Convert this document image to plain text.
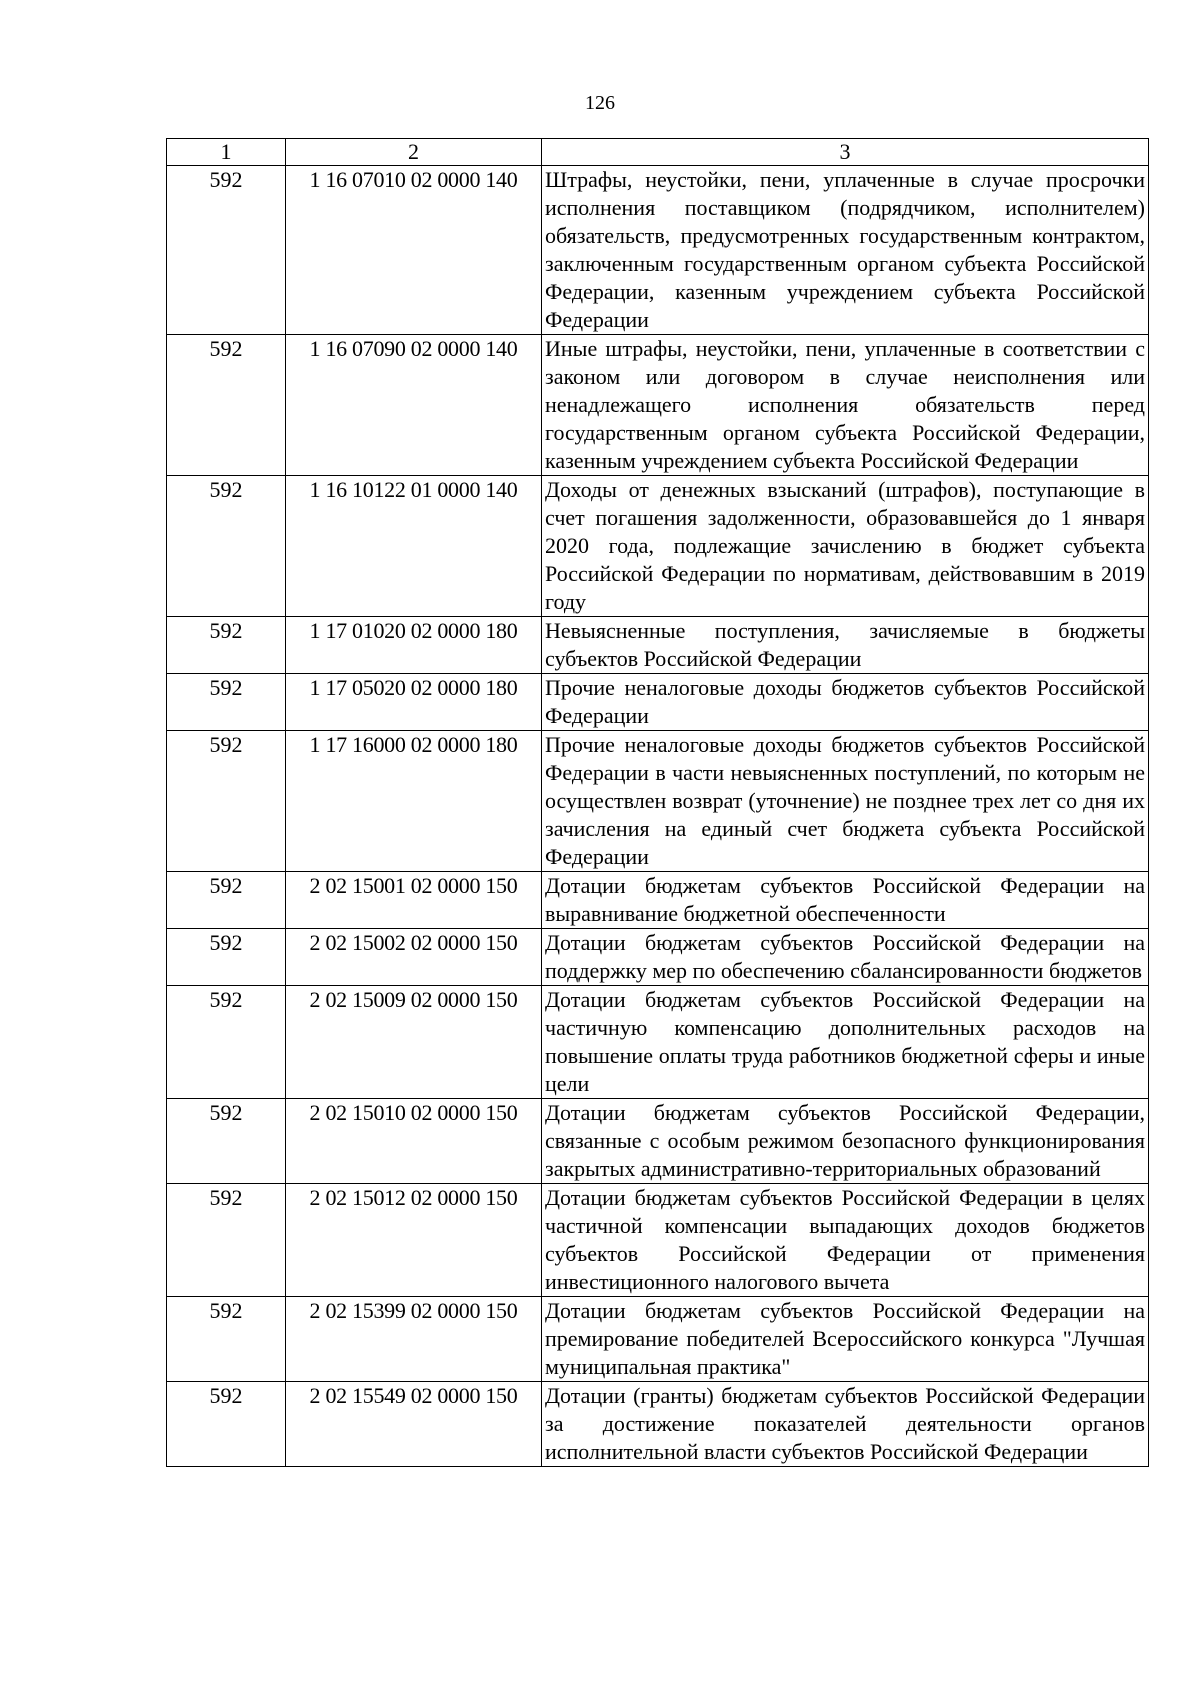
126
1	2	3
592	1 16 07010 02 0000 140	Штрафы, неустойки, пени, уплаченные в случае просрочки исполнения поставщиком (подрядчиком, исполнителем) обязательств, предусмотренных государственным контрактом, заключенным государственным органом субъекта Российской Федерации, казенным учреждением субъекта Российской Федерации
592	1 16 07090 02 0000 140	Иные штрафы, неустойки, пени, уплаченные в соответствии с законом или договором в случае неисполнения или ненадлежащего исполнения обязательств перед государственным органом субъекта Российской Федерации, казенным учреждением субъекта Российской Федерации
592	1 16 10122 01 0000 140	Доходы от денежных взысканий (штрафов), поступающие в счет погашения задолженности, образовавшейся до 1 января 2020 года, подлежащие зачислению в бюджет субъекта Российской Федерации по нормативам, действовавшим в 2019 году
592	1 17 01020 02 0000 180	Невыясненные поступления, зачисляемые в бюджеты субъектов Российской Федерации
592	1 17 05020 02 0000 180	Прочие неналоговые доходы бюджетов субъектов Российской Федерации
592	1 17 16000 02 0000 180	Прочие неналоговые доходы бюджетов субъектов Российской Федерации в части невыясненных поступлений, по которым не осуществлен возврат (уточнение) не позднее трех лет со дня их зачисления на единый счет бюджета субъекта Российской Федерации
592	2 02 15001 02 0000 150	Дотации бюджетам субъектов Российской Федерации на выравнивание бюджетной обеспеченности
592	2 02 15002 02 0000 150	Дотации бюджетам субъектов Российской Федерации на поддержку мер по обеспечению сбалансированности бюджетов
592	2 02 15009 02 0000 150	Дотации бюджетам субъектов Российской Федерации на частичную компенсацию дополнительных расходов на повышение оплаты труда работников бюджетной сферы и иные цели
592	2 02 15010 02 0000 150	Дотации бюджетам субъектов Российской Федерации, связанные с особым режимом безопасного функционирования закрытых административно-территориальных образований
592	2 02 15012 02 0000 150	Дотации бюджетам субъектов Российской Федерации в целях частичной компенсации выпадающих доходов бюджетов субъектов Российской Федерации от применения инвестиционного налогового вычета
592	2 02 15399 02 0000 150	Дотации бюджетам субъектов Российской Федерации на премирование победителей Всероссийского конкурса "Лучшая муниципальная практика"
592	2 02 15549 02 0000 150	Дотации (гранты) бюджетам субъектов Российской Федерации за достижение показателей деятельности органов исполнительной власти субъектов Российской Федерации
